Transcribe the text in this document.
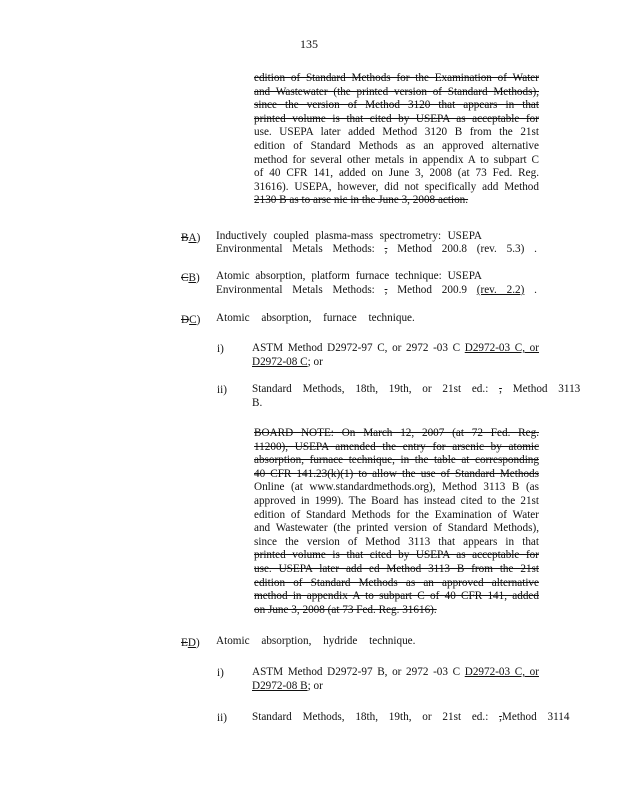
135
edition of Standard Methods for the Examination of Water
and Wastewater (the printed version of Standard Methods),
since the version of Method 3120 that appears in that
printed volume is that cited by USEPA as acceptable for
use. USEPA later added Method 3120 B from the 21st
edition of Standard Methods as an approved alternative
method for several other metals in appendix A to subpart C
of 40 CFR 141, added on June 3, 2008 (at 73 Fed. Reg.
31616). USEPA, however, did not specifically add Method
2130 B as to arse nic in the June 3, 2008 action.
BA) Inductively coupled plasma-mass spectrometry: USEPA
Environmental Metals Methods: , Method 200.8 (rev. 5.3) .
CB) Atomic absorption, platform furnace technique: USEPA
Environmental Metals Methods: , Method 200.9 (rev. 2.2) .
DC) Atomic absorption, furnace technique.
i)	ASTM Method D2972-97 C, or 2972 -03 C D2972-03 C, or
D2972-08 C; or
ii) Standard Methods, 18th, 19th, or 21st ed.: , Method 3113
B.
BOARD NOTE: On March 12, 2007 (at 72 Fed. Reg.
11200), USEPA amended the entry for arsenic by atomic
absorption, furnace technique, in the table at corresponding
40 CFR 141.23(k)(1) to allow the use of Standard Methods
Online (at www.standardmethods.org), Method 3113 B (as
approved in 1999). The Board has instead cited to the 21st
edition of Standard Methods for the Examination of Water
and Wastewater (the printed version of Standard Methods),
since the version of Method 3113 that appears in that
printed volume is that cited by USEPA as acceptable for
use. USEPA later add ed Method 3113 B from the 21st
edition of Standard Methods as an approved alternative
method in appendix A to subpart C of 40 CFR 141, added
on June 3, 2008 (at 73 Fed. Reg. 31616).
ED) Atomic absorption, hydride technique.
i)	ASTM Method D2972-97 B, or 2972 -03 C D2972-03 C, or
D2972-08 B; or
ii) Standard Methods, 18th, 19th, or 21st ed.: ,Method 3114
